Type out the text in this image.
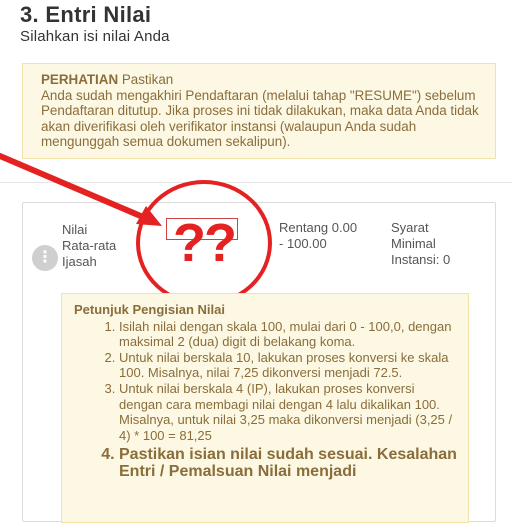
3. Entri Nilai
Silahkan isi nilai Anda
PERHATIAN Pastikan
Anda sudah mengakhiri Pendaftaran (melalui tahap "RESUME") sebelum Pendaftaran ditutup. Jika proses ini tidak dilakukan, maka data Anda tidak akan diverifikasi oleh verifikator instansi (walaupun Anda sudah mengunggah semua dokumen sekalipun).
Nilai Rata-rata Ijasah
Rentang 0.00 - 100.00
Syarat Minimal Instansi: 0
⋮ ??
Petunjuk Pengisian Nilai
1. Isilah nilai dengan skala 100, mulai dari 0 - 100,0, dengan maksimal 2 (dua) digit di belakang koma.
2. Untuk nilai berskala 10, lakukan proses konversi ke skala 100. Misalnya, nilai 7,25 dikonversi menjadi 72.5.
3. Untuk nilai berskala 4 (IP), lakukan proses konversi dengan cara membagi nilai dengan 4 lalu dikalikan 100. Misalnya, untuk nilai 3,25 maka dikonversi menjadi (3,25 / 4) * 100 = 81,25
4. Pastikan isian nilai sudah sesuai. Kesalahan Entri / Pemalsuan Nilai menjadi
